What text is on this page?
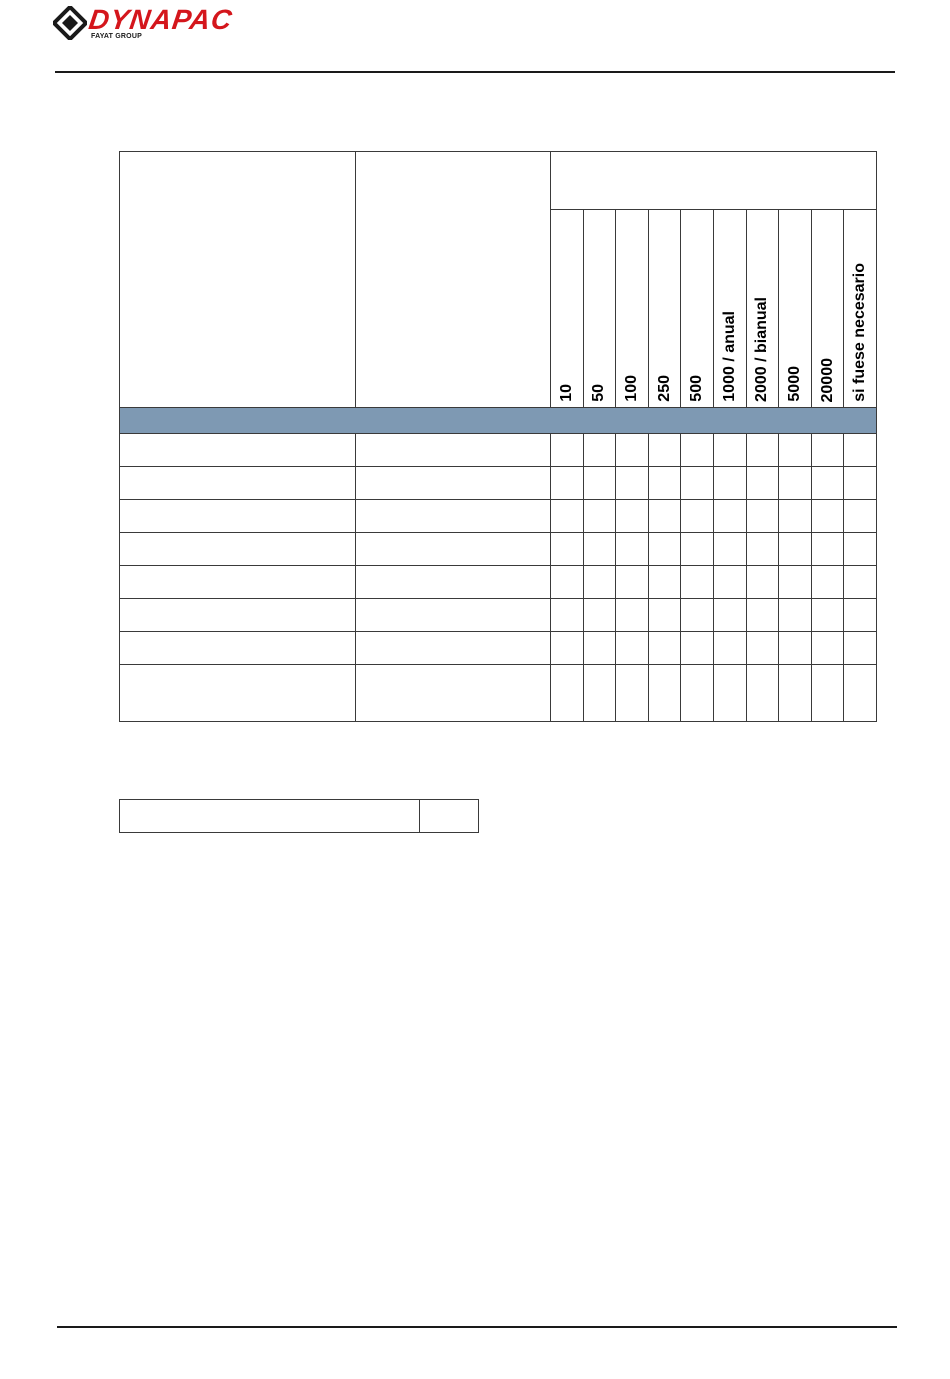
DYNAPAC
FAYAT GROUP

		10	50	100	250	500	1000 / anual	2000 / bianual	5000	20000	si fuese necesario
